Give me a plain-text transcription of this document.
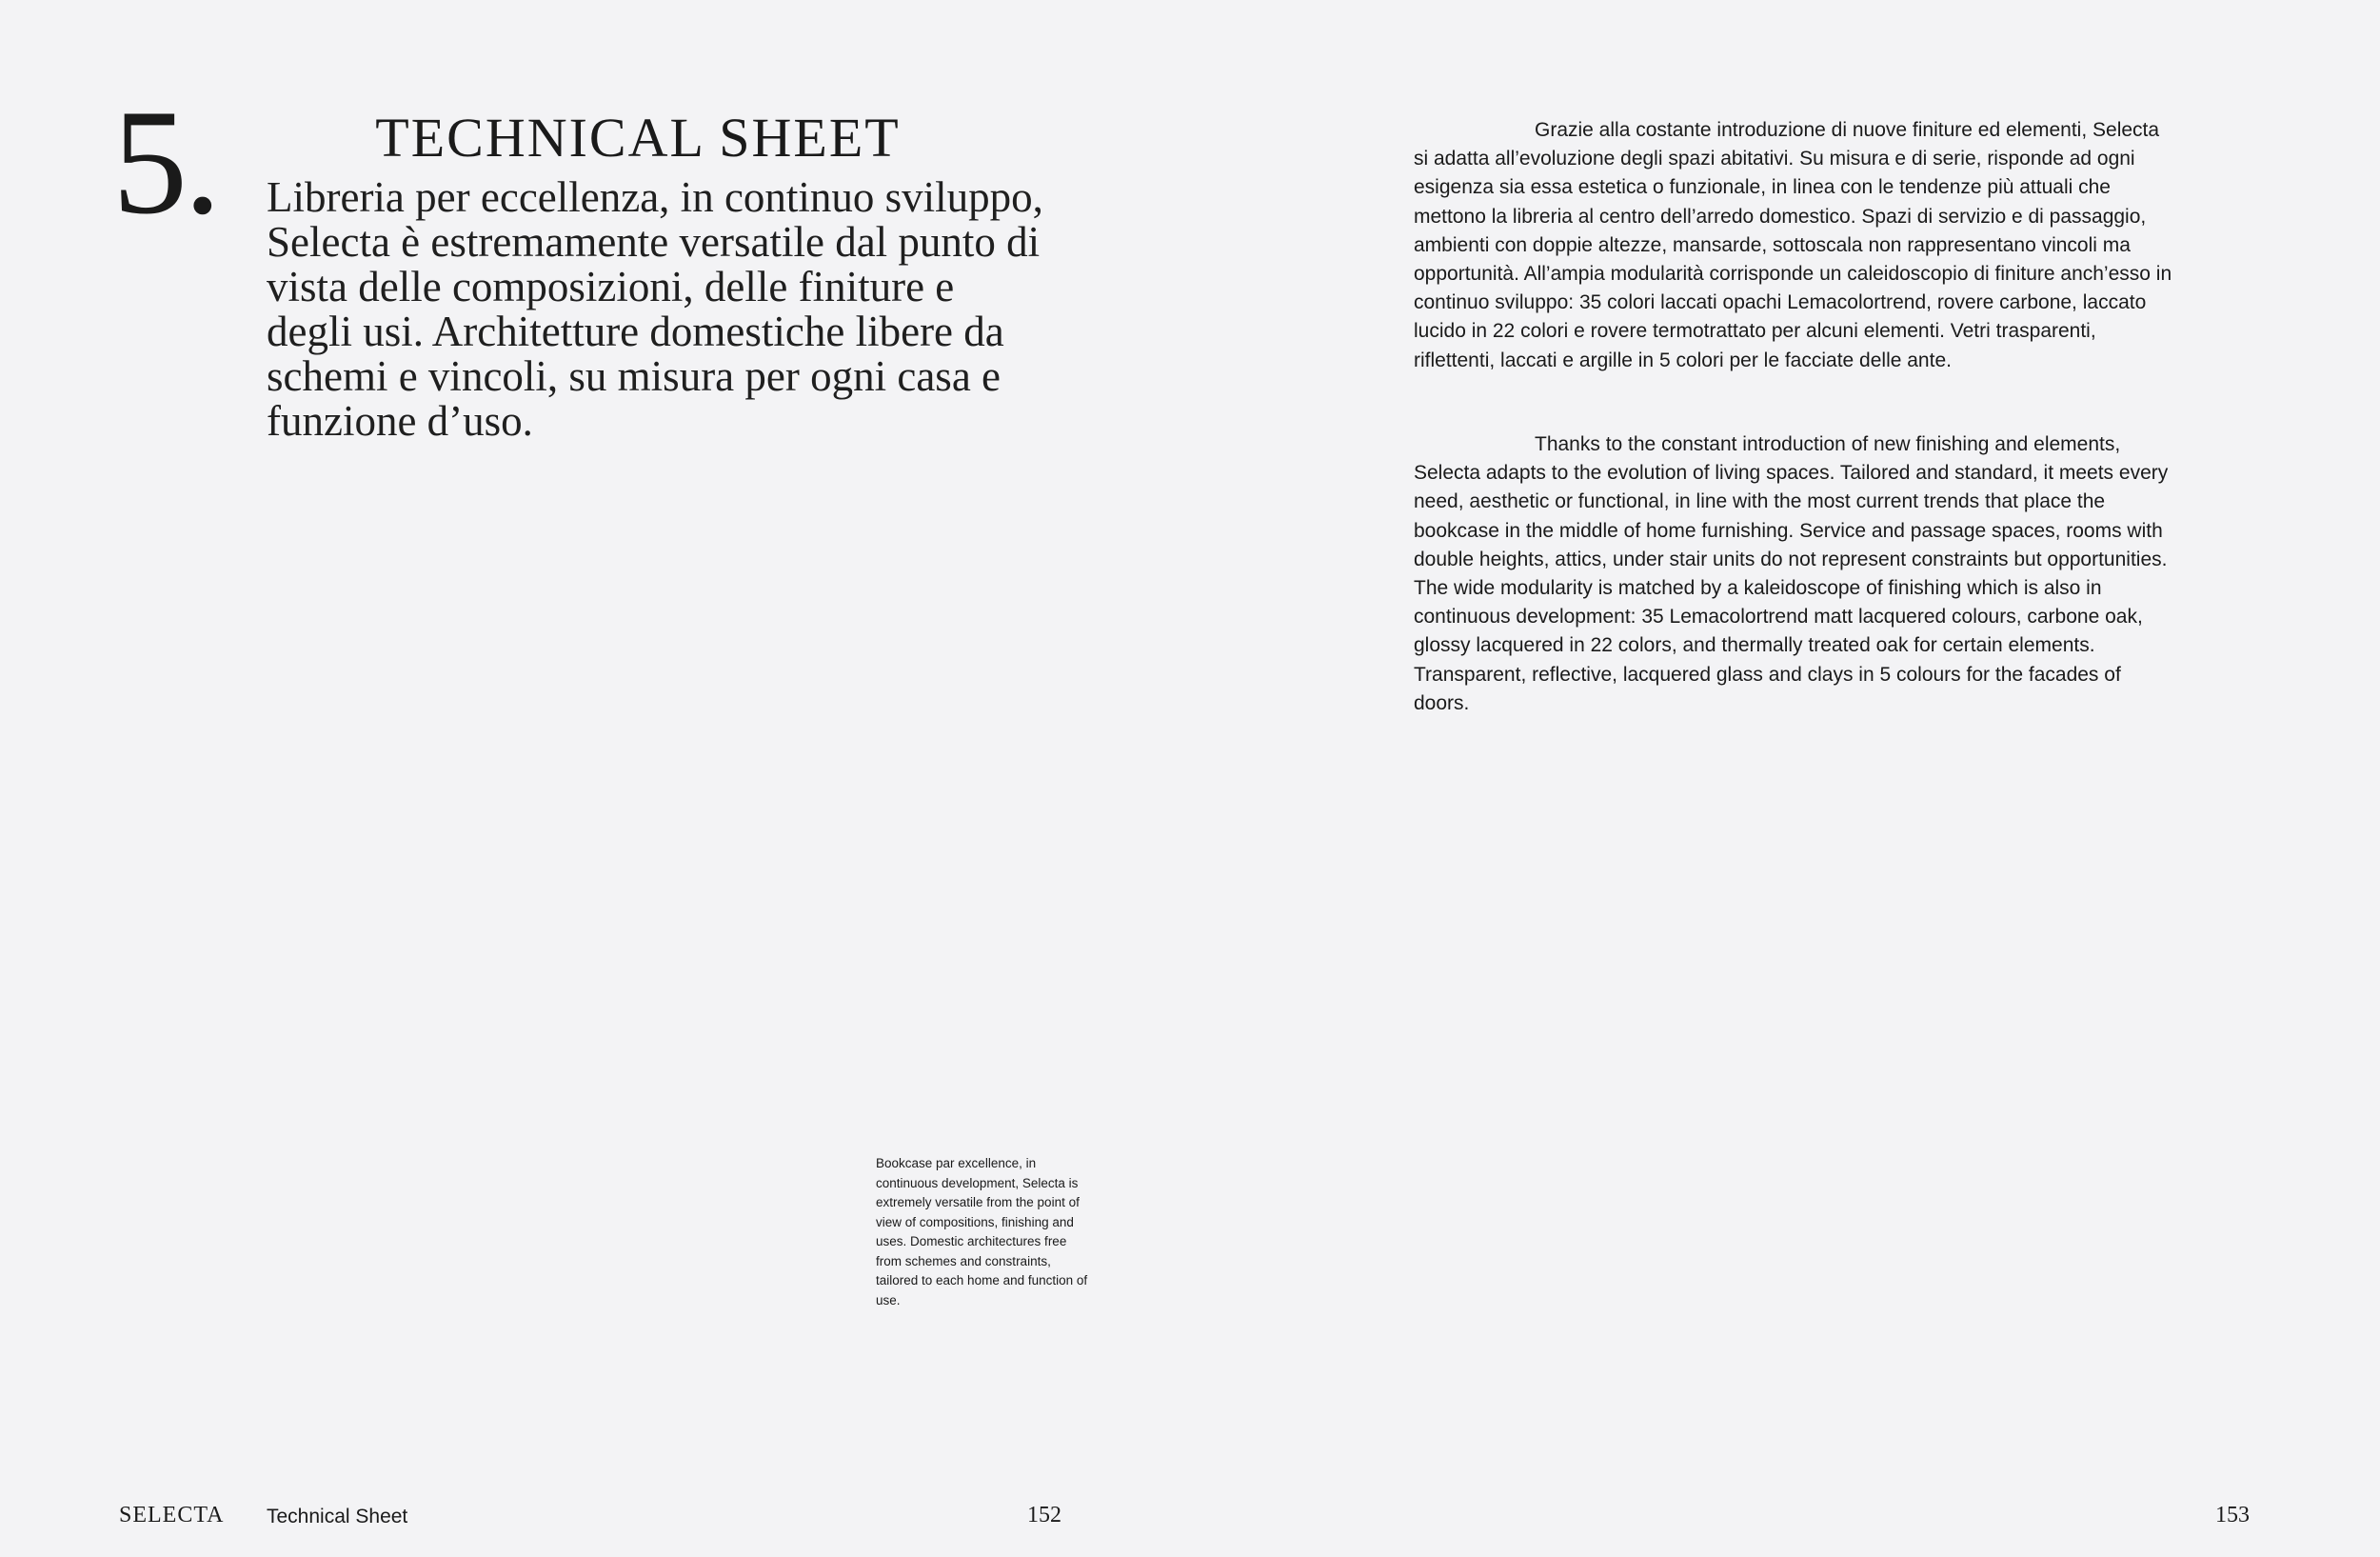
5.	TECHNICAL SHEET

Libreria per eccellenza, in continuo sviluppo, Selecta è estremamente versatile dal punto di vista delle composizioni, delle finiture e degli usi. Architetture domestiche libere da schemi e vincoli, su misura per ogni casa e funzione d’uso.

Bookcase par excellence, in continuous development, Selecta is extremely versatile from the point of view of compositions, finishing and uses. Domestic architectures free from schemes and constraints, tailored to each home and function of use.

Grazie alla costante introduzione di nuove finiture ed elementi, Selecta si adatta all’evoluzione degli spazi abitativi. Su misura e di serie, risponde ad ogni esigenza sia essa estetica o funzionale, in linea con le tendenze più attuali che mettono la libreria al centro dell’arredo domestico. Spazi di servizio e di passaggio, ambienti con doppie altezze, mansarde, sottoscala non rappresentano vincoli ma opportunità. All’ampia modularità corrisponde un caleidoscopio di finiture anch’esso in continuo sviluppo: 35 colori laccati opachi Lemacolortrend, rovere carbone, laccato lucido in 22 colori e rovere termotrattato per alcuni elementi. Vetri trasparenti, riflettenti, laccati e argille in 5 colori per le facciate delle ante.

Thanks to the constant introduction of new finishing and elements, Selecta adapts to the evolution of living spaces. Tailored and standard, it meets every need, aesthetic or functional, in line with the most current trends that place the bookcase in the middle of home furnishing. Service and passage spaces, rooms with double heights, attics, under stair units do not represent constraints but opportunities. The wide modularity is matched by a kaleidoscope of finishing which is also in continuous development: 35 Lemacolortrend matt lacquered colours, carbone oak, glossy lacquered in 22 colors, and thermally treated oak for certain elements. Transparent, reflective, lacquered glass and clays in 5 colours for the facades of doors.

SELECTA Technical Sheet	152	153
